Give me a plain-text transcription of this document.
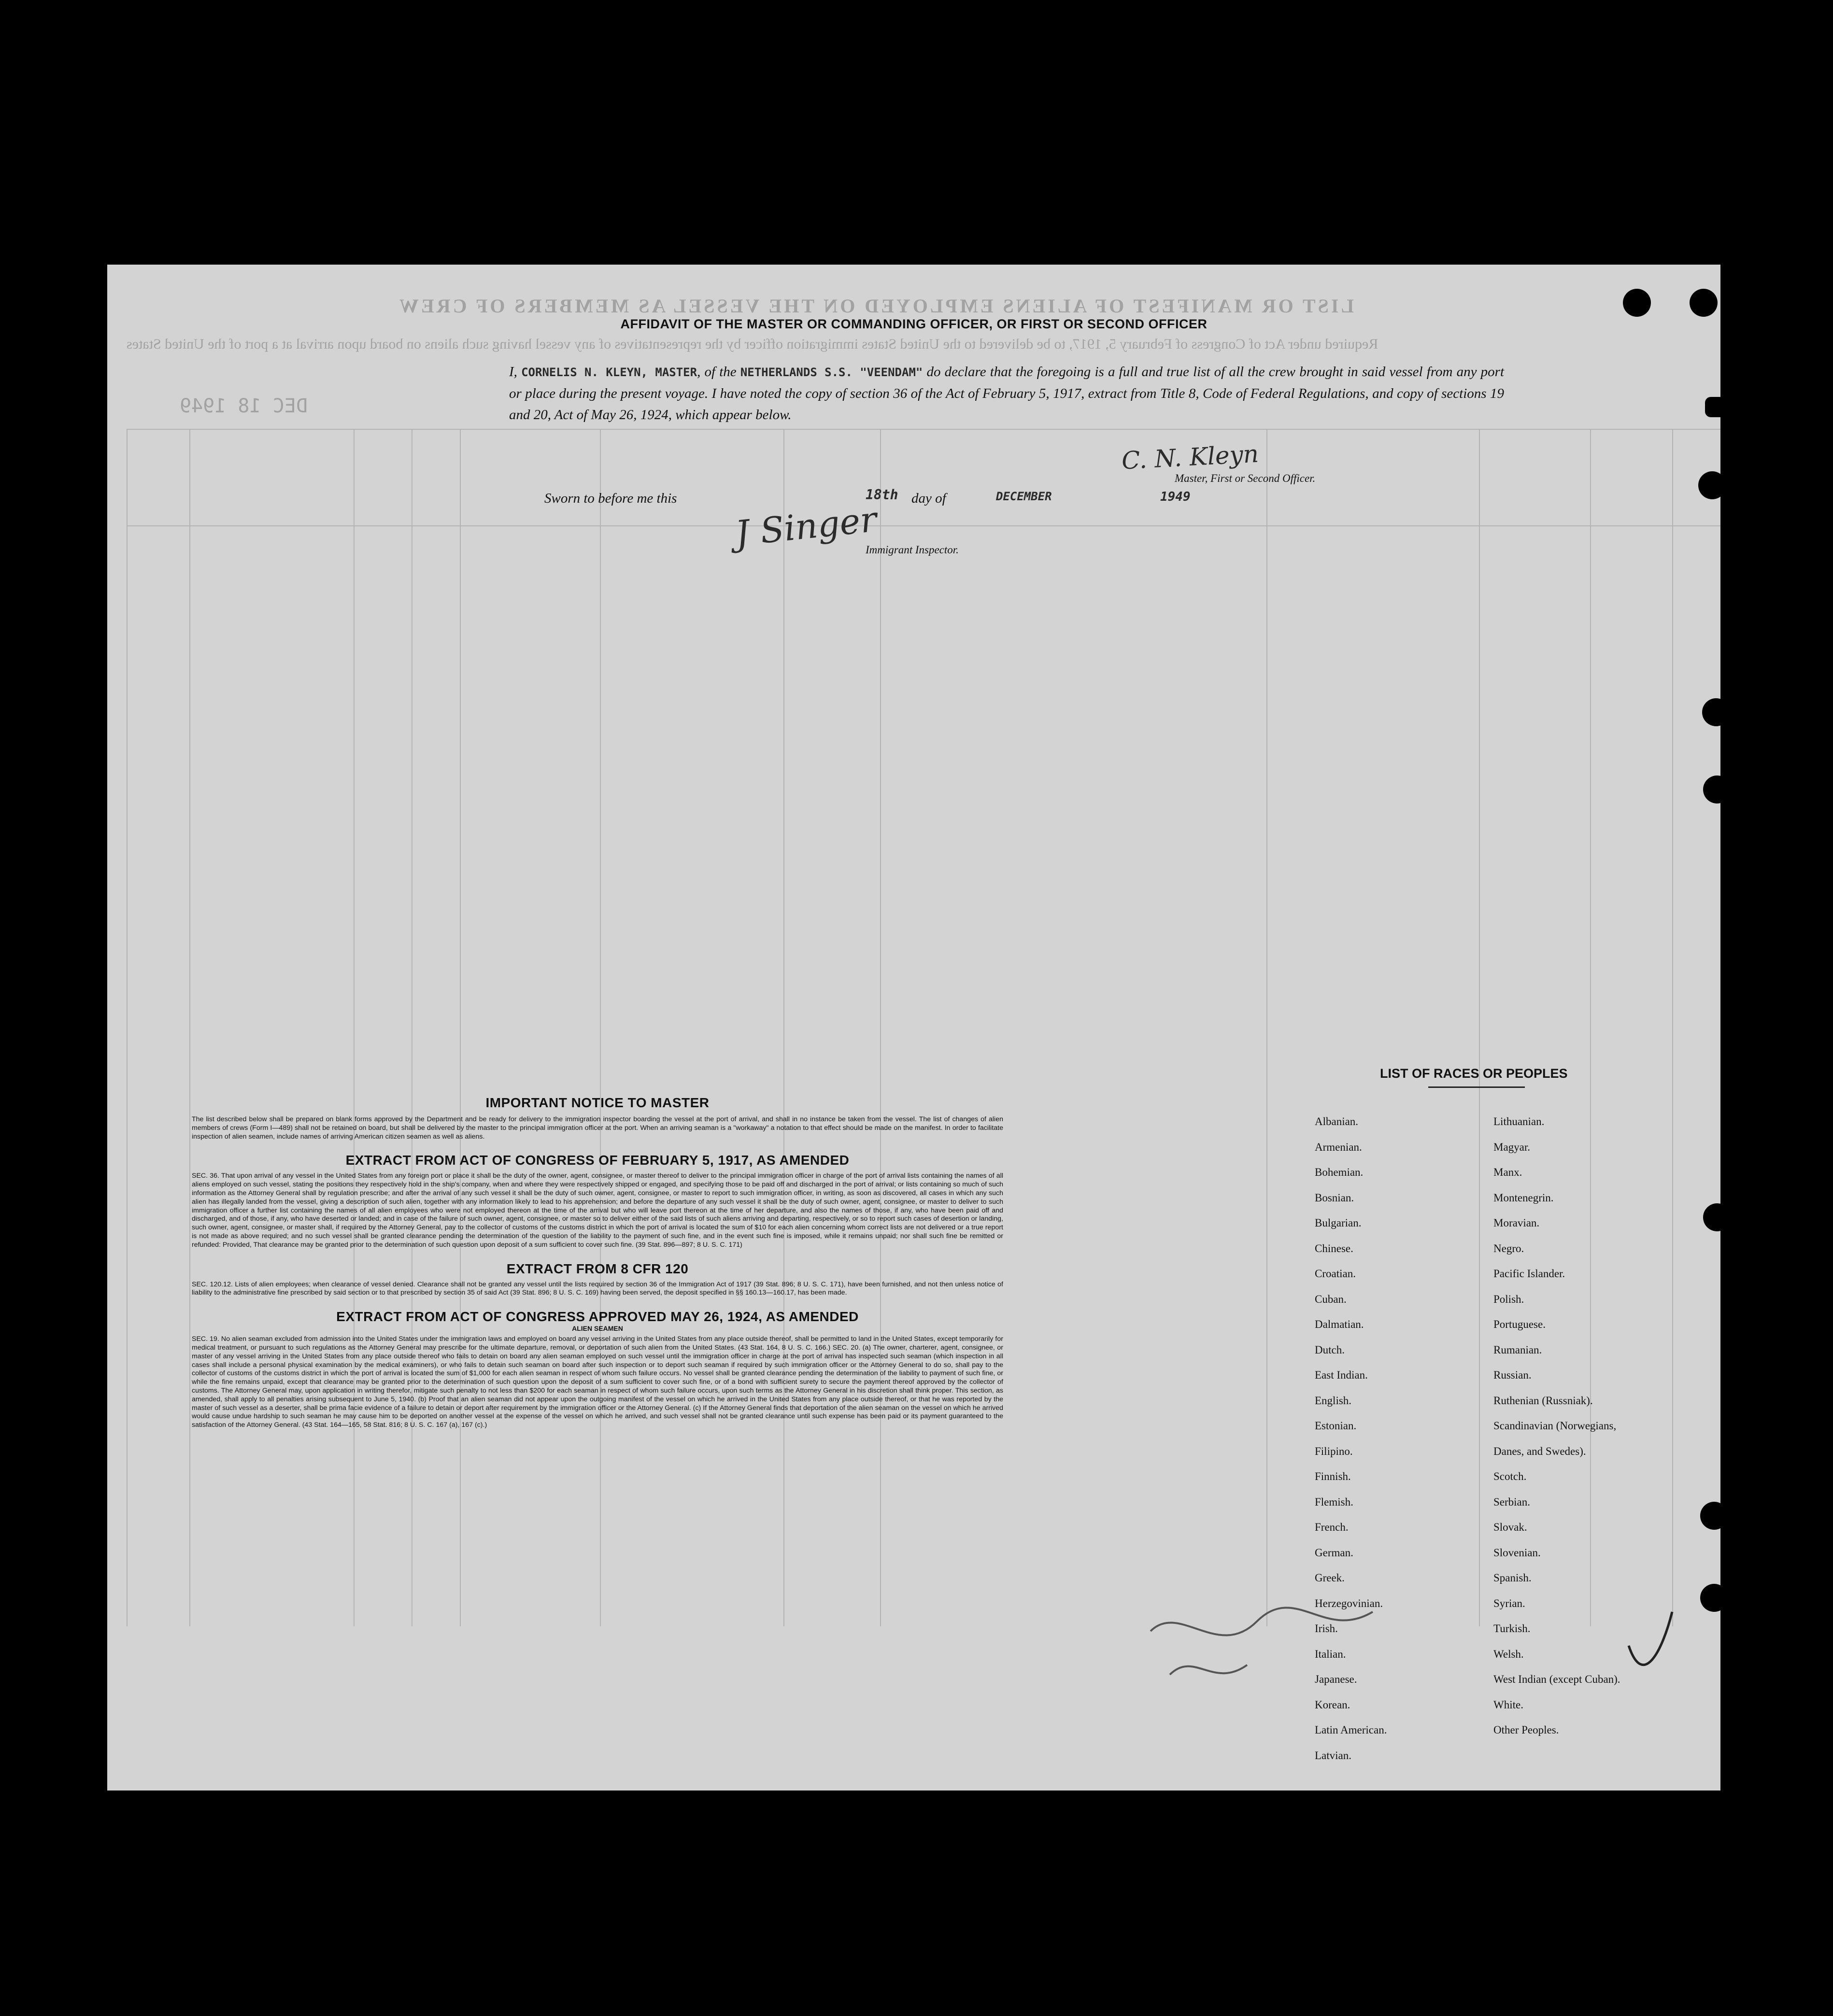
LIST OR MANIFEST OF ALIENS EMPLOYED ON THE VESSEL AS MEMBERS OF CREW
Required under Act of Congress of February 5, 1917, to be delivered to the United States immigration officer by the representatives of any vessel having such aliens on board upon arrival at a port of the United States
DEC 18 1949
AFFIDAVIT OF THE MASTER OR COMMANDING OFFICER, OR FIRST OR SECOND OFFICER
I, CORNELIS N. KLEYN, MASTER, of the NETHERLANDS S.S. "VEENDAM" do declare that the foregoing is a full and true list of all the crew brought in said vessel from any port or place during the present voyage. I have noted the copy of section 36 of the Act of February 5, 1917, extract from Title 8, Code of Federal Regulations, and copy of sections 19 and 20, Act of May 26, 1924, which appear below.
Sworn to before me this	18th day of	DECEMBER	1949
C. N. Kleyn
Master, First or Second Officer.
J Singer
Immigrant Inspector.
IMPORTANT NOTICE TO MASTER

The list described below shall be prepared on blank forms approved by the Department and be ready for delivery to the immigration inspector boarding the vessel at the port of arrival, and shall in no instance be taken from the vessel. The list of changes of alien members of crews (Form I—489) shall not be retained on board, but shall be delivered by the master to the principal immigration officer at the port. When an arriving seaman is a "workaway" a notation to that effect should be made on the manifest. In order to facilitate inspection of alien seamen, include names of arriving American citizen seamen as well as aliens.

EXTRACT FROM ACT OF CONGRESS OF FEBRUARY 5, 1917, AS AMENDED

SEC. 36. That upon arrival of any vessel in the United States from any foreign port or place it shall be the duty of the owner, agent, consignee, or master thereof to deliver to the principal immigration officer in charge of the port of arrival lists containing the names of all aliens employed on such vessel, stating the positions they respectively hold in the ship's company, when and where they were respectively shipped or engaged, and specifying those to be paid off and discharged in the port of arrival; or lists containing so much of such information as the Attorney General shall by regulation prescribe; and after the arrival of any such vessel it shall be the duty of such owner, agent, consignee, or master to report to such immigration officer, in writing, as soon as discovered, all cases in which any such alien has illegally landed from the vessel, giving a description of such alien, together with any information likely to lead to his apprehension; and before the departure of any such vessel it shall be the duty of such owner, agent, consignee, or master to deliver to such immigration officer a further list containing the names of all alien employees who were not employed thereon at the time of the arrival but who will leave port thereon at the time of her departure, and also the names of those, if any, who have been paid off and discharged, and of those, if any, who have deserted or landed; and in case of the failure of such owner, agent, consignee, or master so to deliver either of the said lists of such aliens arriving and departing, respectively, or so to report such cases of desertion or landing, such owner, agent, consignee, or master shall, if required by the Attorney General, pay to the collector of customs of the customs district in which the port of arrival is located the sum of $10 for each alien concerning whom correct lists are not delivered or a true report is not made as above required; and no such vessel shall be granted clearance pending the determination of the question of the liability to the payment of such fine, and in the event such fine is imposed, while it remains unpaid; nor shall such fine be remitted or refunded: Provided, That clearance may be granted prior to the determination of such question upon deposit of a sum sufficient to cover such fine. (39 Stat. 896—897; 8 U. S. C. 171)

EXTRACT FROM 8 CFR 120

SEC. 120.12. Lists of alien employees; when clearance of vessel denied. Clearance shall not be granted any vessel until the lists required by section 36 of the Immigration Act of 1917 (39 Stat. 896; 8 U. S. C. 171), have been furnished, and not then unless notice of liability to the administrative fine prescribed by said section or to that prescribed by section 35 of said Act (39 Stat. 896; 8 U. S. C. 169) having been served, the deposit specified in §§ 160.13—160.17, has been made.

EXTRACT FROM ACT OF CONGRESS APPROVED MAY 26, 1924, AS AMENDED
ALIEN SEAMEN

SEC. 19. No alien seaman excluded from admission into the United States under the immigration laws and employed on board any vessel arriving in the United States from any place outside thereof, shall be permitted to land in the United States, except temporarily for medical treatment, or pursuant to such regulations as the Attorney General may prescribe for the ultimate departure, removal, or deportation of such alien from the United States. (43 Stat. 164, 8 U. S. C. 166.) SEC. 20. (a) The owner, charterer, agent, consignee, or master of any vessel arriving in the United States from any place outside thereof who fails to detain on board any alien seaman employed on such vessel until the immigration officer in charge at the port of arrival has inspected such seaman (which inspection in all cases shall include a personal physical examination by the medical examiners), or who fails to detain such seaman on board after such inspection or to deport such seaman if required by such immigration officer or the Attorney General to do so, shall pay to the collector of customs of the customs district in which the port of arrival is located the sum of $1,000 for each alien seaman in respect of whom such failure occurs. No vessel shall be granted clearance pending the determination of the liability to payment of such fine, or while the fine remains unpaid, except that clearance may be granted prior to the determination of such question upon the deposit of a sum sufficient to cover such fine, or of a bond with sufficient surety to secure the payment thereof approved by the collector of customs. The Attorney General may, upon application in writing therefor, mitigate such penalty to not less than $200 for each seaman in respect of whom such failure occurs, upon such terms as the Attorney General in his discretion shall think proper. This section, as amended, shall apply to all penalties arising subsequent to June 5, 1940. (b) Proof that an alien seaman did not appear upon the outgoing manifest of the vessel on which he arrived in the United States from any place outside thereof, or that he was reported by the master of such vessel as a deserter, shall be prima facie evidence of a failure to detain or deport after requirement by the immigration officer or the Attorney General. (c) If the Attorney General finds that deportation of the alien seaman on the vessel on which he arrived would cause undue hardship to such seaman he may cause him to be deported on another vessel at the expense of the vessel on which he arrived, and such vessel shall not be granted clearance until such expense has been paid or its payment guaranteed to the satisfaction of the Attorney General. (43 Stat. 164—165, 58 Stat. 816; 8 U. S. C. 167 (a), 167 (c).)

LIST OF RACES OR PEOPLES
Albanian.
Armenian.
Bohemian.
Bosnian.
Bulgarian.
Chinese.
Croatian.
Cuban.
Dalmatian.
Dutch.
East Indian.
English.
Estonian.
Filipino.
Finnish.
Flemish.
French.
German.
Greek.
Herzegovinian.
Irish.
Italian.
Japanese.
Korean.
Latin American.
Latvian.
Lithuanian.
Magyar.
Manx.
Montenegrin.
Moravian.
Negro.
Pacific Islander.
Polish.
Portuguese.
Rumanian.
Russian.
Ruthenian (Russniak).
Scandinavian (Norwegians,
Danes, and Swedes).
Scotch.
Serbian.
Slovak.
Slovenian.
Spanish.
Syrian.
Turkish.
Welsh.
West Indian (except Cuban).
White.
Other Peoples.
